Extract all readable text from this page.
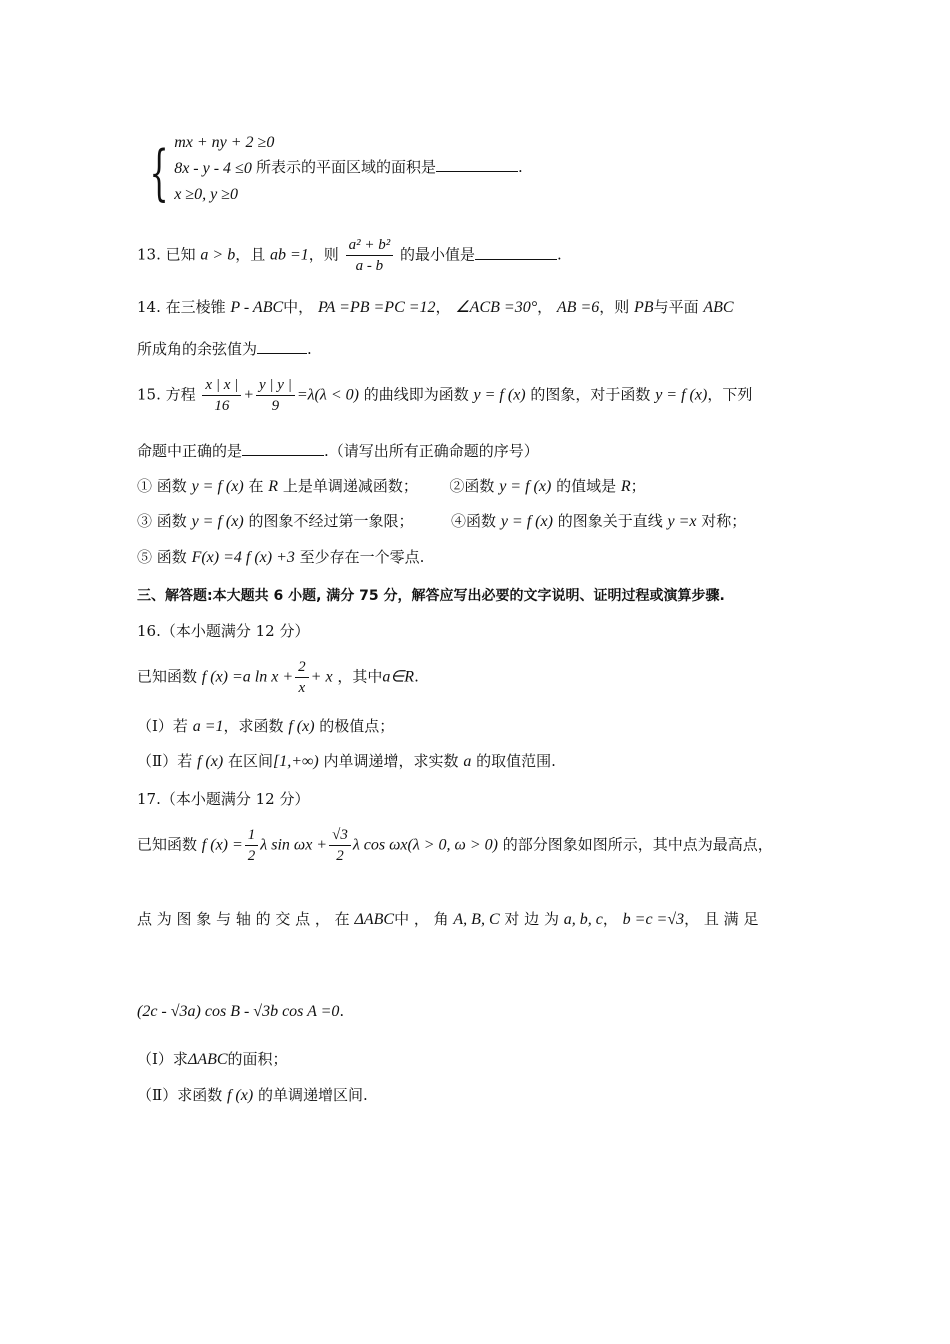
{ mx + ny + 2 ≥0
8x - y - 4 ≤0
x ≥0, y ≥0
所表示的平面区域的面积是	.
13. 已知 a > b，且 ab =1，则 $\frac{\text{a² + b²}}{a - b}$ 的最小值是	.
14. 在三棱锥 P - ABC中， PA =PB =PC =12， ∠ACB =30°， AB =6，则 PB与平面 ABC
所成角的余弦值为	.
15. 方程 $\frac{x | x |}{16} + \frac{y | y |}{9} =\lambda(\lambda < 0)$ 的曲线即为函数 y = f (x) 的图象，对于函数 y = f (x)，下列
命题中正确的是	.（请写出所有正确命题的序号）
① 函数 y = f (x) 在 R 上是单调递减函数； ②函数 y = f (x) 的值域是 R；
③ 函数 y = f (x) 的图象不经过第一象限；	④函数 y = f (x) 的图象关于直线 y =x 对称；
⑤ 函数 F(x) =4 f (x) +3 至少存在一个零点.
三、解答题:本大题共 6 小题, 满分 75 分，解答应写出必要的文字说明、证明过程或演算步骤.
16.（本小题满分 12 分）
已知函数 f (x) =a $\ln x + \frac{2}{x} + x$ ，其中a∈R.
（Ⅰ）若 a =1，求函数 f (x) 的极值点；
（Ⅱ）若 f (x) 在区间[1,+∞) 内单调递增，求实数 a 的取值范围.
17.（本小题满分 12 分）
已知函数 f $(x) = \frac{1}{2}$ λ $\sin \omega x + \frac{√3}{2}$ λ cos ωx(λ > 0, ω > 0) 的部分图象如图所示，其中点为最高点，
点 为 图 象 与 轴 的 交 点 ， 在 ΔABC中 ， 角 A, B, C 对 边 为 a, b, c， b =c =√3， 且 满 足
(2c - √3a) cos B - √3b cos A =0.
（Ⅰ）求ΔABC的面积；
（Ⅱ）求函数 f (x) 的单调递增区间.
